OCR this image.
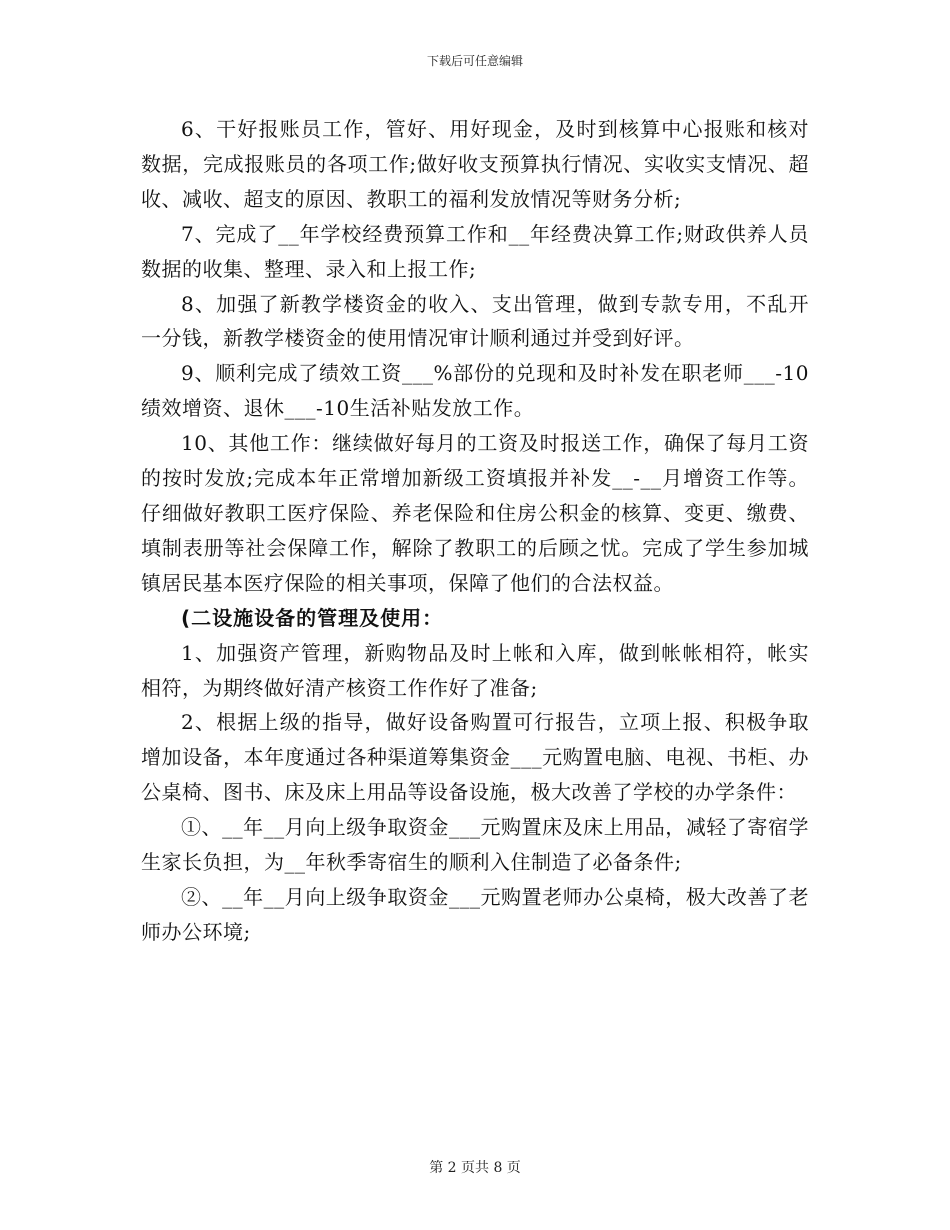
下载后可任意编辑

6、干好报账员工作，管好、用好现金，及时到核算中心报账和核对数据，完成报账员的各项工作;做好收支预算执行情况、实收实支情况、超收、减收、超支的原因、教职工的福利发放情况等财务分析;

7、完成了__年学校经费预算工作和__年经费决算工作;财政供养人员数据的收集、整理、录入和上报工作;

8、加强了新教学楼资金的收入、支出管理，做到专款专用，不乱开一分钱，新教学楼资金的使用情况审计顺利通过并受到好评。

9、顺利完成了绩效工资___%部份的兑现和及时补发在职老师___-10绩效增资、退休___-10生活补贴发放工作。

10、其他工作：继续做好每月的工资及时报送工作，确保了每月工资的按时发放;完成本年正常增加新级工资填报并补发__-__月增资工作等。仔细做好教职工医疗保险、养老保险和住房公积金的核算、变更、缴费、填制表册等社会保障工作，解除了教职工的后顾之忧。完成了学生参加城镇居民基本医疗保险的相关事项，保障了他们的合法权益。

(二设施设备的管理及使用：

1、加强资产管理，新购物品及时上帐和入库，做到帐帐相符，帐实相符，为期终做好清产核资工作作好了准备;

2、根据上级的指导，做好设备购置可行报告，立项上报、积极争取增加设备，本年度通过各种渠道筹集资金___元购置电脑、电视、书柜、办公桌椅、图书、床及床上用品等设备设施，极大改善了学校的办学条件：

①、__年__月向上级争取资金___元购置床及床上用品，减轻了寄宿学生家长负担，为__年秋季寄宿生的顺利入住制造了必备条件;

②、__年__月向上级争取资金___元购置老师办公桌椅，极大改善了老师办公环境;

第 2 页共 8 页
